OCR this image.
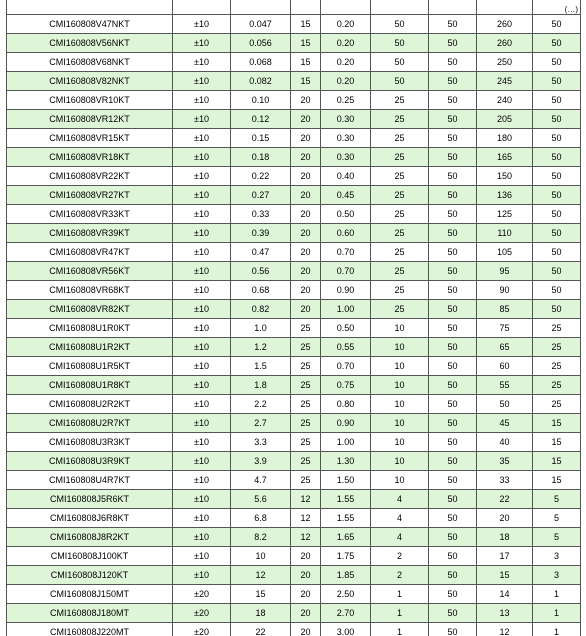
								(…)
CMI160808V47NKT	±10	0.047	15	0.20	50	50	260	50
CMI160808V56NKT	±10	0.056	15	0.20	50	50	260	50
CMI160808V68NKT	±10	0.068	15	0.20	50	50	250	50
CMI160808V82NKT	±10	0.082	15	0.20	50	50	245	50
CMI160808VR10KT	±10	0.10	20	0.25	25	50	240	50
CMI160808VR12KT	±10	0.12	20	0.30	25	50	205	50
CMI160808VR15KT	±10	0.15	20	0.30	25	50	180	50
CMI160808VR18KT	±10	0.18	20	0.30	25	50	165	50
CMI160808VR22KT	±10	0.22	20	0.40	25	50	150	50
CMI160808VR27KT	±10	0.27	20	0.45	25	50	136	50
CMI160808VR33KT	±10	0.33	20	0.50	25	50	125	50
CMI160808VR39KT	±10	0.39	20	0.60	25	50	110	50
CMI160808VR47KT	±10	0.47	20	0.70	25	50	105	50
CMI160808VR56KT	±10	0.56	20	0.70	25	50	95	50
CMI160808VR68KT	±10	0.68	20	0.90	25	50	90	50
CMI160808VR82KT	±10	0.82	20	1.00	25	50	85	50
CMI160808U1R0KT	±10	1.0	25	0.50	10	50	75	25
CMI160808U1R2KT	±10	1.2	25	0.55	10	50	65	25
CMI160808U1R5KT	±10	1.5	25	0.70	10	50	60	25
CMI160808U1R8KT	±10	1.8	25	0.75	10	50	55	25
CMI160808U2R2KT	±10	2.2	25	0.80	10	50	50	25
CMI160808U2R7KT	±10	2.7	25	0.90	10	50	45	15
CMI160808U3R3KT	±10	3.3	25	1.00	10	50	40	15
CMI160808U3R9KT	±10	3.9	25	1.30	10	50	35	15
CMI160808U4R7KT	±10	4.7	25	1.50	10	50	33	15
CMI160808J5R6KT	±10	5.6	12	1.55	4	50	22	5
CMI160808J6R8KT	±10	6.8	12	1.55	4	50	20	5
CMI160808J8R2KT	±10	8.2	12	1.65	4	50	18	5
CMI160808J100KT	±10	10	20	1.75	2	50	17	3
CMI160808J120KT	±10	12	20	1.85	2	50	15	3
CMI160808J150MT	±20	15	20	2.50	1	50	14	1
CMI160808J180MT	±20	18	20	2.70	1	50	13	1
CMI160808J220MT	±20	22	20	3.00	1	50	12	1
